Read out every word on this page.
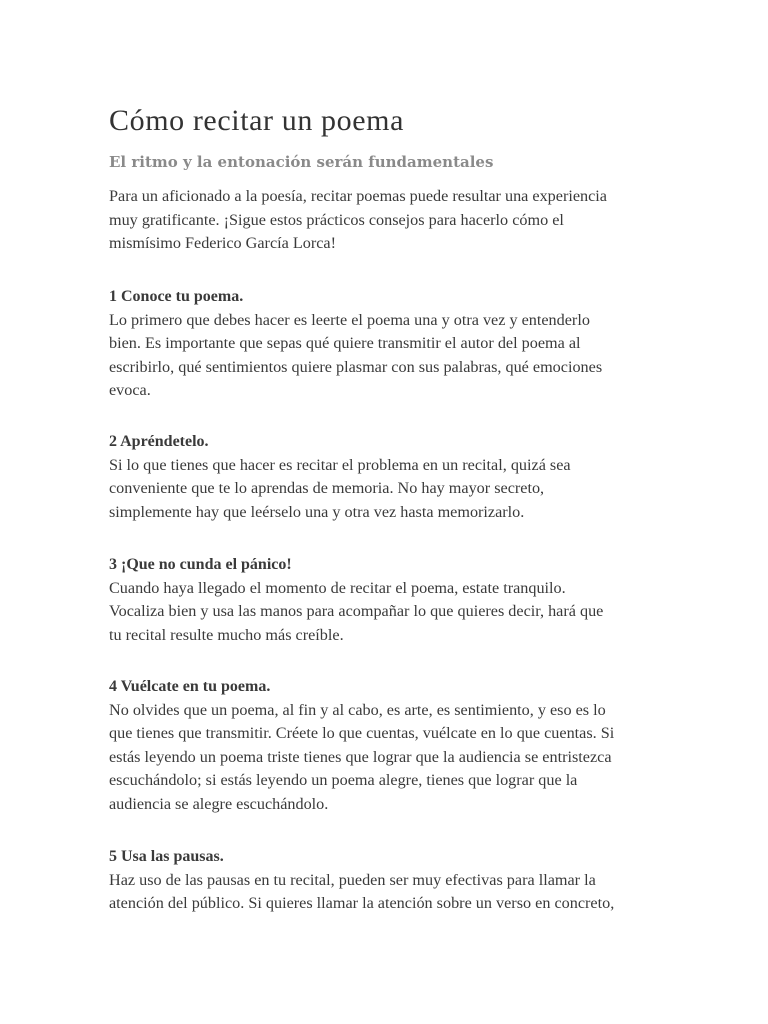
Cómo recitar un poema
El ritmo y la entonación serán fundamentales

Para un aficionado a la poesía, recitar poemas puede resultar una experiencia
muy gratificante. ¡Sigue estos prácticos consejos para hacerlo cómo el
mismísimo Federico García Lorca!

1 Conoce tu poema.

Lo primero que debes hacer es leerte el poema una y otra vez y entenderlo
bien. Es importante que sepas qué quiere transmitir el autor del poema al
escribirlo, qué sentimientos quiere plasmar con sus palabras, qué emociones
evoca.

2 Apréndetelo.

Si lo que tienes que hacer es recitar el problema en un recital, quizá sea
conveniente que te lo aprendas de memoria. No hay mayor secreto,
simplemente hay que leérselo una y otra vez hasta memorizarlo.

3 ¡Que no cunda el pánico!

Cuando haya llegado el momento de recitar el poema, estate tranquilo.
Vocaliza bien y usa las manos para acompañar lo que quieres decir, hará que
tu recital resulte mucho más creíble.

4 Vuélcate en tu poema.

No olvides que un poema, al fin y al cabo, es arte, es sentimiento, y eso es lo
que tienes que transmitir. Créete lo que cuentas, vuélcate en lo que cuentas. Si
estás leyendo un poema triste tienes que lograr que la audiencia se entristezca
escuchándolo; si estás leyendo un poema alegre, tienes que lograr que la
audiencia se alegre escuchándolo.

5 Usa las pausas.

Haz uso de las pausas en tu recital, pueden ser muy efectivas para llamar la
atención del público. Si quieres llamar la atención sobre un verso en concreto,
